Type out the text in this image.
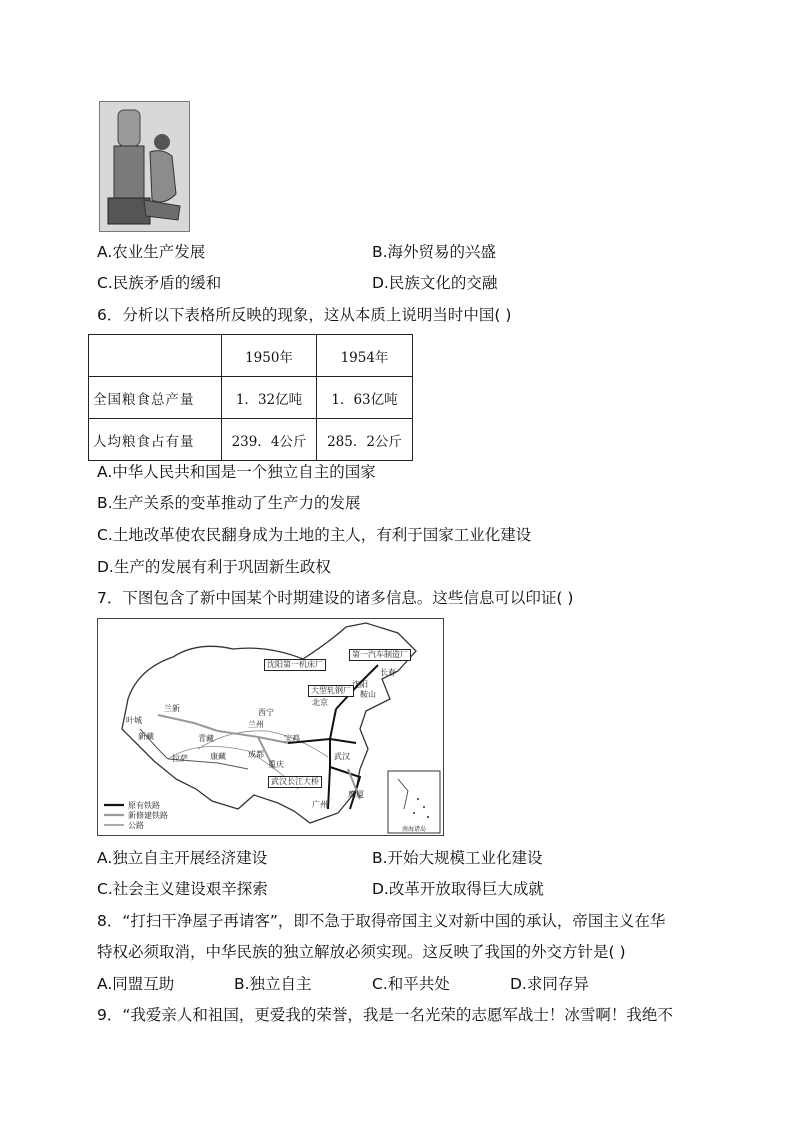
A.农业生产发展	B.海外贸易的兴盛
C.民族矛盾的缓和	D.民族文化的交融
6．分析以下表格所反映的现象，这从本质上说明当时中国( )
	1950年	1954年
全国粮食总产量	1．32亿吨	1．63亿吨
人均粮食占有量	239．4公斤	285．2公斤
A.中华人民共和国是一个独立自主的国家
B.生产关系的变革推动了生产力的发展
C.土地改革使农民翻身成为土地的主人，有利于国家工业化建设
D.生产的发展有利于巩固新生政权
7．下图包含了新中国某个时期建设的诸多信息。这些信息可以印证( )
第一汽车制造厂
沈阳第一机床厂
大型轧钢厂
武汉长江大桥
北京
沈阳
长春
鞍山
武汉
广州
成都
兰州
西宁
拉萨
宝鸡
重庆
叶城
新藏
康藏
青藏
兰新
鹰厦
原有铁路
新修建铁路
公路	南海诸岛
A.独立自主开展经济建设	B.开始大规模工业化建设
C.社会主义建设艰辛探索	D.改革开放取得巨大成就
8．“打扫干净屋子再请客”，即不急于取得帝国主义对新中国的承认，帝国主义在华
特权必须取消，中华民族的独立解放必须实现。这反映了我国的外交方针是( )
A.同盟互助	B.独立自主	C.和平共处	D.求同存异
9．“我爱亲人和祖国，更爱我的荣誉，我是一名光荣的志愿军战士！冰雪啊！我绝不
